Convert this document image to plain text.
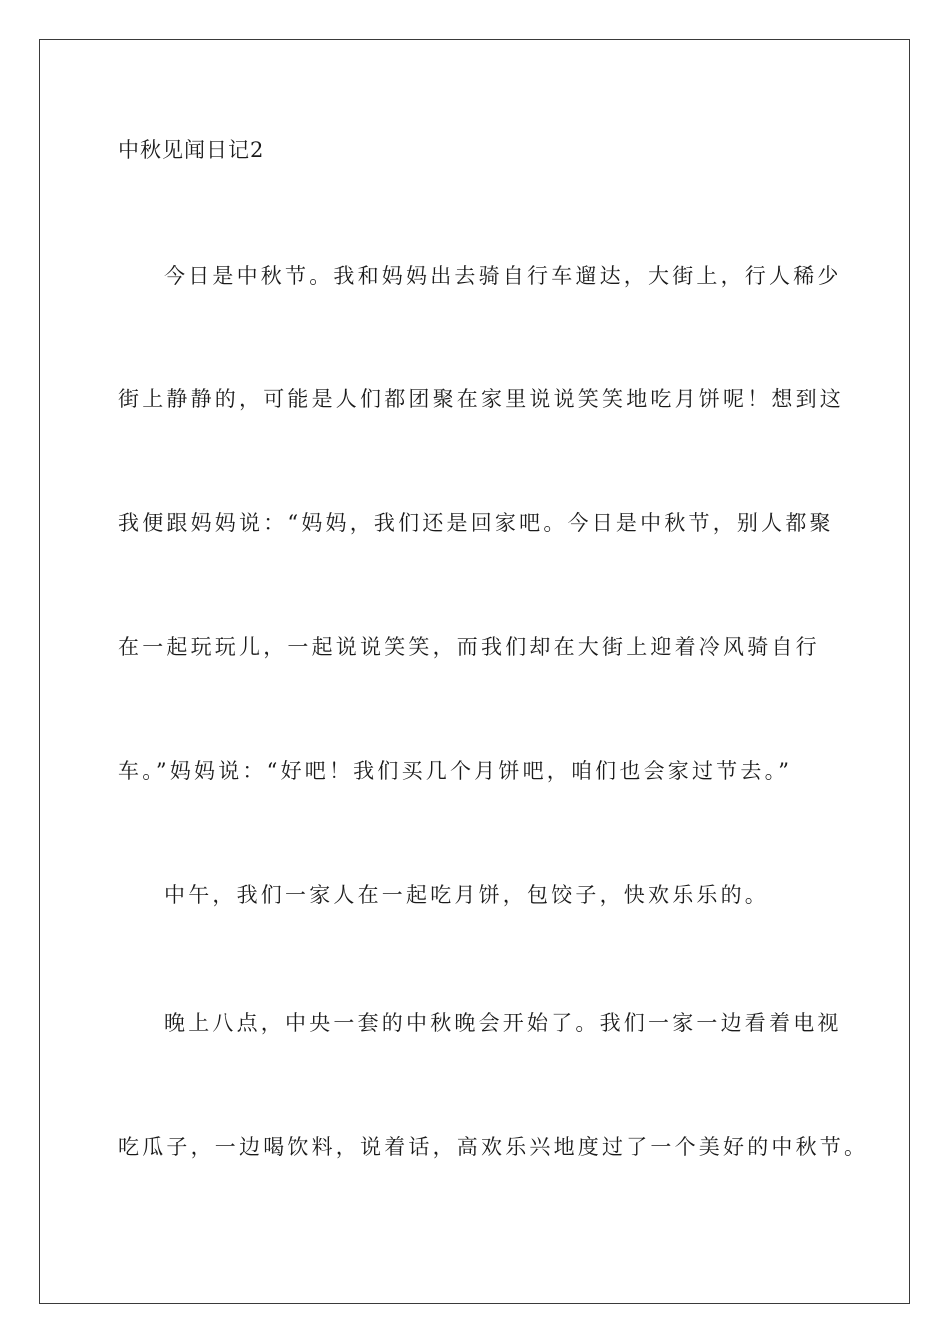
中秋见闻日记2

今日是中秋节。我和妈妈出去骑自行车遛达，大街上，行人稀少

街上静静的，可能是人们都团聚在家里说说笑笑地吃月饼呢！想到这

我便跟妈妈说：“妈妈，我们还是回家吧。今日是中秋节，别人都聚

在一起玩玩儿，一起说说笑笑，而我们却在大街上迎着冷风骑自行

车。”妈妈说：“好吧！我们买几个月饼吧，咱们也会家过节去。”

中午，我们一家人在一起吃月饼，包饺子，快欢乐乐的。

晚上八点，中央一套的中秋晚会开始了。我们一家一边看着电视

吃瓜子，一边喝饮料，说着话，高欢乐兴地度过了一个美好的中秋节。
